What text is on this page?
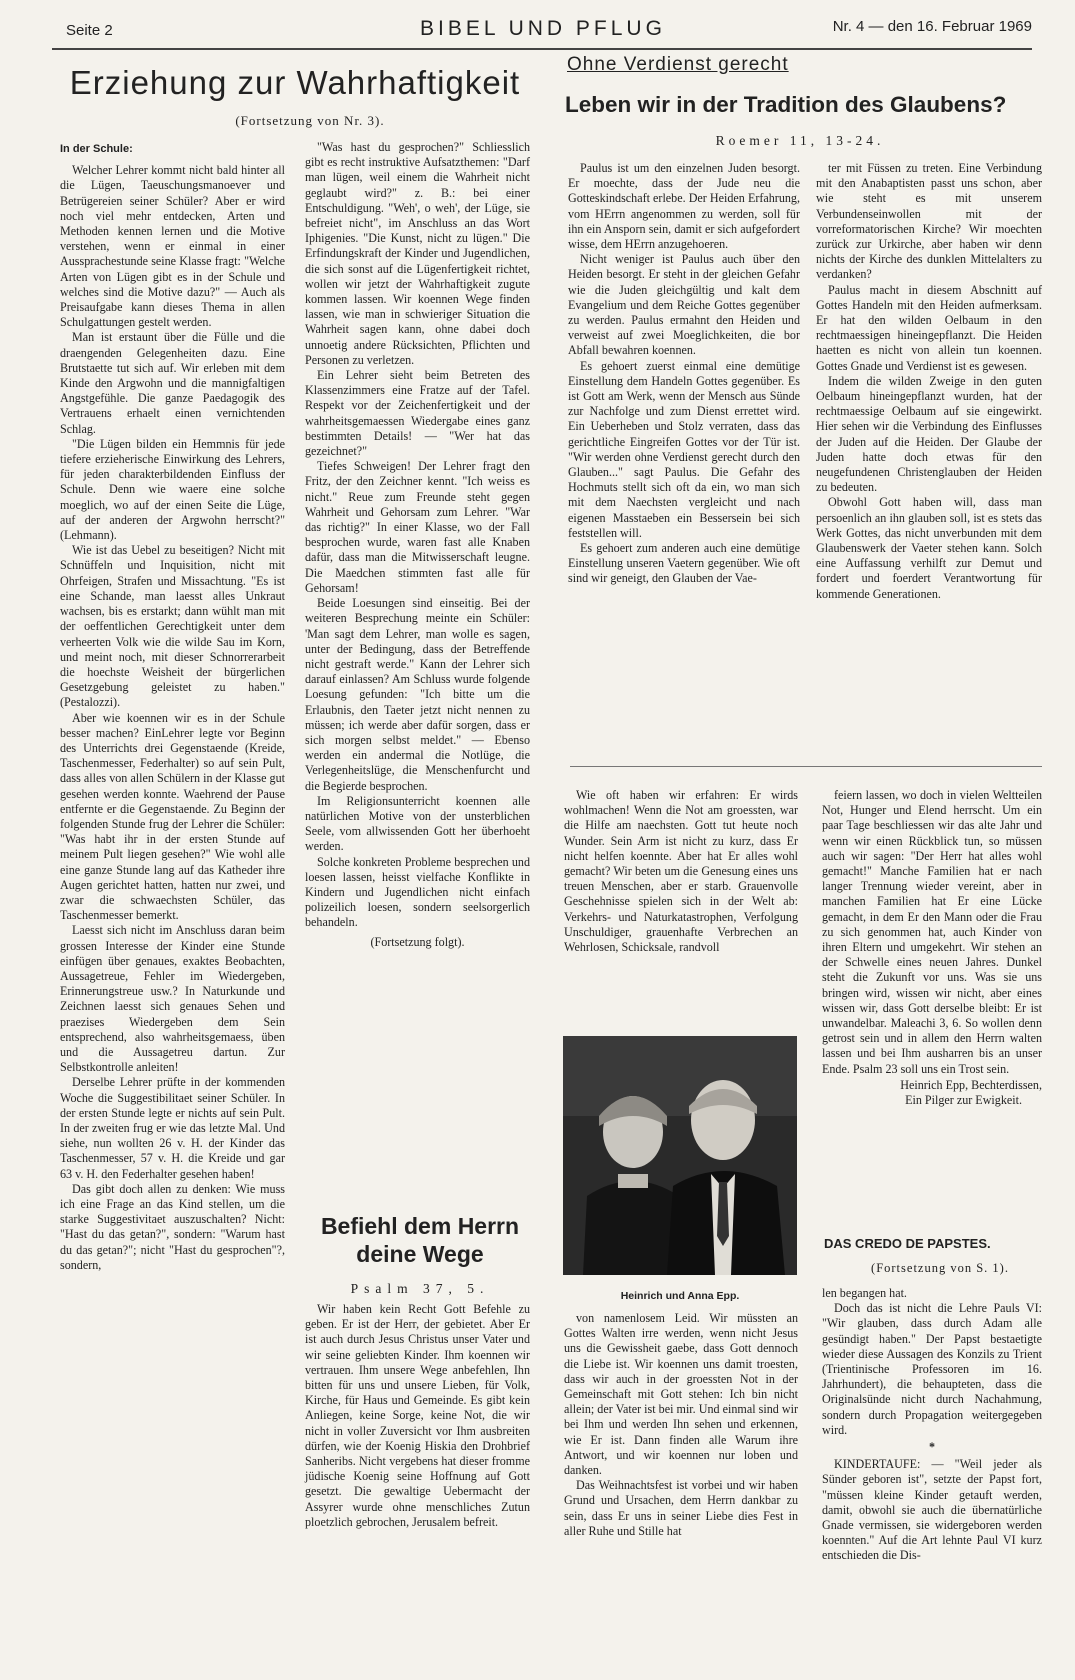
Seite 2	BIBEL UND PFLUG	Nr. 4 — den 16. Februar 1969
Erziehung zur Wahrhaftigkeit
(Fortsetzung von Nr. 3).
In der Schule:

Welcher Lehrer kommt nicht bald hinter all die Lügen, Taeuschungsmanoever und Betrügereien seiner Schüler? Aber er wird noch viel mehr entdecken, Arten und Methoden kennen lernen und die Motive verstehen, wenn er einmal in einer Aussprachestunde seine Klasse fragt: "Welche Arten von Lügen gibt es in der Schule und welches sind die Motive dazu?" — Auch als Preisaufgabe kann dieses Thema in allen Schulgattungen gestelt werden.

Man ist erstaunt über die Fülle und die draengenden Gelegenheiten dazu. Eine Brutstaette tut sich auf. Wir erleben mit dem Kinde den Argwohn und die mannigfaltigen Angstgefühle. Die ganze Paedagogik des Vertrauens erhaelt einen vernichtenden Schlag.

"Die Lügen bilden ein Hemmnis für jede tiefere erzieherische Einwirkung des Lehrers, für jeden charakterbildenden Einfluss der Schule. Denn wie waere eine solche moeglich, wo auf der einen Seite die Lüge, auf der anderen der Argwohn herrscht?" (Lehmann).

Wie ist das Uebel zu beseitigen? Nicht mit Schnüffeln und Inquisition, nicht mit Ohrfeigen, Strafen und Missachtung. "Es ist eine Schande, man laesst alles Unkraut wachsen, bis es erstarkt; dann wühlt man mit der oeffentlichen Gerechtigkeit unter dem verheerten Volk wie die wilde Sau im Korn, und meint noch, mit dieser Schnorrerarbeit die hoechste Weisheit der bürgerlichen Gesetzgebung geleistet zu haben." (Pestalozzi).

Aber wie koennen wir es in der Schule besser machen? EinLehrer legte vor Beginn des Unterrichts drei Gegenstaende (Kreide, Taschenmesser, Federhalter) so auf sein Pult, dass alles von allen Schülern in der Klasse gut gesehen werden konnte. Waehrend der Pause entfernte er die Gegenstaende. Zu Beginn der folgenden Stunde frug der Lehrer die Schüler: "Was habt ihr in der ersten Stunde auf meinem Pult liegen gesehen?" Wie wohl alle eine ganze Stunde lang auf das Katheder ihre Augen gerichtet hatten, hatten nur zwei, und zwar die schwaechsten Schüler, das Taschenmesser bemerkt.

Laesst sich nicht im Anschluss daran beim grossen Interesse der Kinder eine Stunde einfügen über genaues, exaktes Beobachten, Aussagetreue, Fehler im Wiedergeben, Erinnerungstreue usw.? In Naturkunde und Zeichnen laesst sich genaues Sehen und praezises Wiedergeben dem Sein entsprechend, also wahrheitsgemaess, üben und die Aussagetreu dartun. Zur Selbstkontrolle anleiten!

Derselbe Lehrer prüfte in der kommenden Woche die Suggestibilitaet seiner Schüler. In der ersten Stunde legte er nichts auf sein Pult. In der zweiten frug er wie das letzte Mal. Und siehe, nun wollten 26 v. H. der Kinder das Taschenmesser, 57 v. H. die Kreide und gar 63 v. H. den Federhalter gesehen haben!

Das gibt doch allen zu denken: Wie muss ich eine Frage an das Kind stellen, um die starke Suggestivitaet auszuschalten? Nicht: "Hast du das getan?", sondern: "Warum hast du das getan?"; nicht "Hast du gesprochen"?, sondern,

"Was hast du gesprochen?" Schliesslich gibt es recht instruktive Aufsatzthemen: "Darf man lügen, weil einem die Wahrheit nicht geglaubt wird?" z. B.: bei einer Entschuldigung. "Weh', o weh', der Lüge, sie befreiet nicht", im Anschluss an das Wort Iphigenies. "Die Kunst, nicht zu lügen." Die Erfindungskraft der Kinder und Jugendlichen, die sich sonst auf die Lügenfertigkeit richtet, wollen wir jetzt der Wahrhaftigkeit zugute kommen lassen. Wir koennen Wege finden lassen, wie man in schwieriger Situation die Wahrheit sagen kann, ohne dabei doch unnoetig andere Rücksichten, Pflichten und Personen zu verletzen.

Ein Lehrer sieht beim Betreten des Klassenzimmers eine Fratze auf der Tafel. Respekt vor der Zeichenfertigkeit und der wahrheitsgemaessen Wiedergabe eines ganz bestimmten Details! — "Wer hat das gezeichnet?"

Tiefes Schweigen! Der Lehrer fragt den Fritz, der den Zeichner kennt. "Ich weiss es nicht." Reue zum Freunde steht gegen Wahrheit und Gehorsam zum Lehrer. "War das richtig?" In einer Klasse, wo der Fall besprochen wurde, waren fast alle Knaben dafür, dass man die Mitwisserschaft leugne. Die Maedchen stimmten fast alle für Gehorsam!

Beide Loesungen sind einseitig. Bei der weiteren Besprechung meinte ein Schüler: 'Man sagt dem Lehrer, man wolle es sagen, unter der Bedingung, dass der Betreffende nicht gestraft werde." Kann der Lehrer sich darauf einlassen? Am Schluss wurde folgende Loesung gefunden: "Ich bitte um die Erlaubnis, den Taeter jetzt nicht nennen zu müssen; ich werde aber dafür sorgen, dass er sich morgen selbst meldet." — Ebenso werden ein andermal die Notlüge, die Verlegenheitslüge, die Menschenfurcht und die Begierde besprochen.

Im Religionsunterricht koennen alle natürlichen Motive von der unsterblichen Seele, vom allwissenden Gott her überhoeht werden.

Solche konkreten Probleme besprechen und loesen lassen, heisst vielfache Konflikte in Kindern und Jugendlichen nicht einfach polizeilich loesen, sondern seelsorgerlich behandeln.

(Fortsetzung folgt).

Befiehl dem Herrn deine Wege
Psalm 37, 5.

Wir haben kein Recht Gott Befehle zu geben. Er ist der Herr, der gebietet. Aber Er ist auch durch Jesus Christus unser Vater und wir seine geliebten Kinder. Ihm koennen wir vertrauen. Ihm unsere Wege anbefehlen, Ihn bitten für uns und unsere Lieben, für Volk, Kirche, für Haus und Gemeinde. Es gibt kein Anliegen, keine Sorge, keine Not, die wir nicht in voller Zuversicht vor Ihm ausbreiten dürfen, wie der Koenig Hiskia den Drohbrief Sanheribs. Nicht vergebens hat dieser fromme jüdische Koenig seine Hoffnung auf Gott gesetzt. Die gewaltige Uebermacht der Assyrer wurde ohne menschliches Zutun ploetzlich gebrochen, Jerusalem befreit.

Ohne Verdienst gerecht
Leben wir in der Tradition des Glaubens?
Roemer 11, 13-24.

Paulus ist um den einzelnen Juden besorgt. Er moechte, dass der Jude neu die Gotteskindschaft erlebe. Der Heiden Erfahrung, vom HErrn angenommen zu werden, soll für ihn ein Ansporn sein, damit er sich aufgefordert wisse, dem HErrn anzugehoeren.

Nicht weniger ist Paulus auch über den Heiden besorgt. Er steht in der gleichen Gefahr wie die Juden gleichgültig und kalt dem Evangelium und dem Reiche Gottes gegenüber zu werden. Paulus ermahnt den Heiden und verweist auf zwei Moeglichkeiten, die bor Abfall bewahren koennen.

Es gehoert zuerst einmal eine demütige Einstellung dem Handeln Gottes gegenüber. Es ist Gott am Werk, wenn der Mensch aus Sünde zur Nachfolge und zum Dienst errettet wird. Ein Ueberheben und Stolz verraten, dass das gerichtliche Eingreifen Gottes vor der Tür ist. "Wir werden ohne Verdienst gerecht durch den Glauben..." sagt Paulus. Die Gefahr des Hochmuts stellt sich oft da ein, wo man sich mit dem Naechsten vergleicht und nach eigenen Masstaeben ein Bessersein bei sich feststellen will.

Es gehoert zum anderen auch eine demütige Einstellung unseren Vaetern gegenüber. Wie oft sind wir geneigt, den Glauben der Vae-

ter mit Füssen zu treten. Eine Verbindung mit den Anabaptisten passt uns schon, aber wie steht es mit unserem Verbundenseinwollen mit der vorreformatorischen Kirche? Wir moechten zurück zur Urkirche, aber haben wir denn nichts der Kirche des dunklen Mittelalters zu verdanken?

Paulus macht in diesem Abschnitt auf Gottes Handeln mit den Heiden aufmerksam. Er hat den wilden Oelbaum in den rechtmaessigen hineingepflanzt. Die Heiden haetten es nicht von allein tun koennen. Gottes Gnade und Verdienst ist es gewesen.

Indem die wilden Zweige in den guten Oelbaum hineingepflanzt wurden, hat der rechtmaessige Oelbaum auf sie eingewirkt. Hier sehen wir die Verbindung des Einflusses der Juden auf die Heiden. Der Glaube der Juden hatte doch etwas für den neugefundenen Christenglauben der Heiden zu bedeuten.

Obwohl Gott haben will, dass man persoenlich an ihn glauben soll, ist es stets das Werk Gottes, das nicht unverbunden mit dem Glaubenswerk der Vaeter stehen kann. Solch eine Auffassung verhilft zur Demut und fordert und foerdert Verantwortung für kommende Generationen.

Wie oft haben wir erfahren: Er wirds wohlmachen! Wenn die Not am groessten, war die Hilfe am naechsten. Gott tut heute noch Wunder. Sein Arm ist nicht zu kurz, dass Er nicht helfen koennte. Aber hat Er alles wohl gemacht? Wir beten um die Genesung eines uns treuen Menschen, aber er starb. Grauenvolle Geschehnisse spielen sich in der Welt ab: Verkehrs- und Naturkatastrophen, Verfolgung Unschuldiger, grauenhafte Verbrechen an Wehrlosen, Schicksale, randvoll

Heinrich und Anna Epp.

von namenlosem Leid. Wir müssten an Gottes Walten irre werden, wenn nicht Jesus uns die Gewissheit gaebe, dass Gott dennoch die Liebe ist. Wir koennen uns damit troesten, dass wir auch in der groessten Not in der Gemeinschaft mit Gott stehen: Ich bin nicht allein; der Vater ist bei mir. Und einmal sind wir bei Ihm und werden Ihn sehen und erkennen, wie Er ist. Dann finden alle Warum ihre Antwort, und wir koennen nur loben und danken.

Das Weihnachtsfest ist vorbei und wir haben Grund und Ursachen, dem Herrn dankbar zu sein, dass Er uns in seiner Liebe dies Fest in aller Ruhe und Stille hat

feiern lassen, wo doch in vielen Weltteilen Not, Hunger und Elend herrscht. Um ein paar Tage beschliessen wir das alte Jahr und wenn wir einen Rückblick tun, so müssen auch wir sagen: "Der Herr hat alles wohl gemacht!" Manche Familien hat er nach langer Trennung wieder vereint, aber in manchen Familien hat Er eine Lücke gemacht, in dem Er den Mann oder die Frau zu sich genommen hat, auch Kinder von ihren Eltern und umgekehrt. Wir stehen an der Schwelle eines neuen Jahres. Dunkel steht die Zukunft vor uns. Was sie uns bringen wird, wissen wir nicht, aber eines wissen wir, dass Gott derselbe bleibt: Er ist unwandelbar. Maleachi 3, 6. So wollen denn getrost sein und in allem den Herrn walten lassen und bei Ihm ausharren bis an unser Ende. Psalm 23 soll uns ein Trost sein.

Heinrich Epp, Bechterdissen,
Ein Pilger zur Ewigkeit.
DAS CREDO DE PAPSTES.
(Fortsetzung von S. 1).

len begangen hat.

Doch das ist nicht die Lehre Pauls VI: "Wir glauben, dass durch Adam alle gesündigt haben." Der Papst bestaetigte wieder diese Aussagen des Konzils zu Trient (Trientinische Professoren im 16. Jahrhundert), die behaupteten, dass die Originalsünde nicht durch Nachahmung, sondern durch Propagation weitergegeben wird.

*

KINDERTAUFE: — "Weil jeder als Sünder geboren ist", setzte der Papst fort, "müssen kleine Kinder getauft werden, damit, obwohl sie auch die übernatürliche Gnade vermissen, sie widergeboren werden koennten." Auf die Art lehnte Paul VI kurz entschieden die Dis-
